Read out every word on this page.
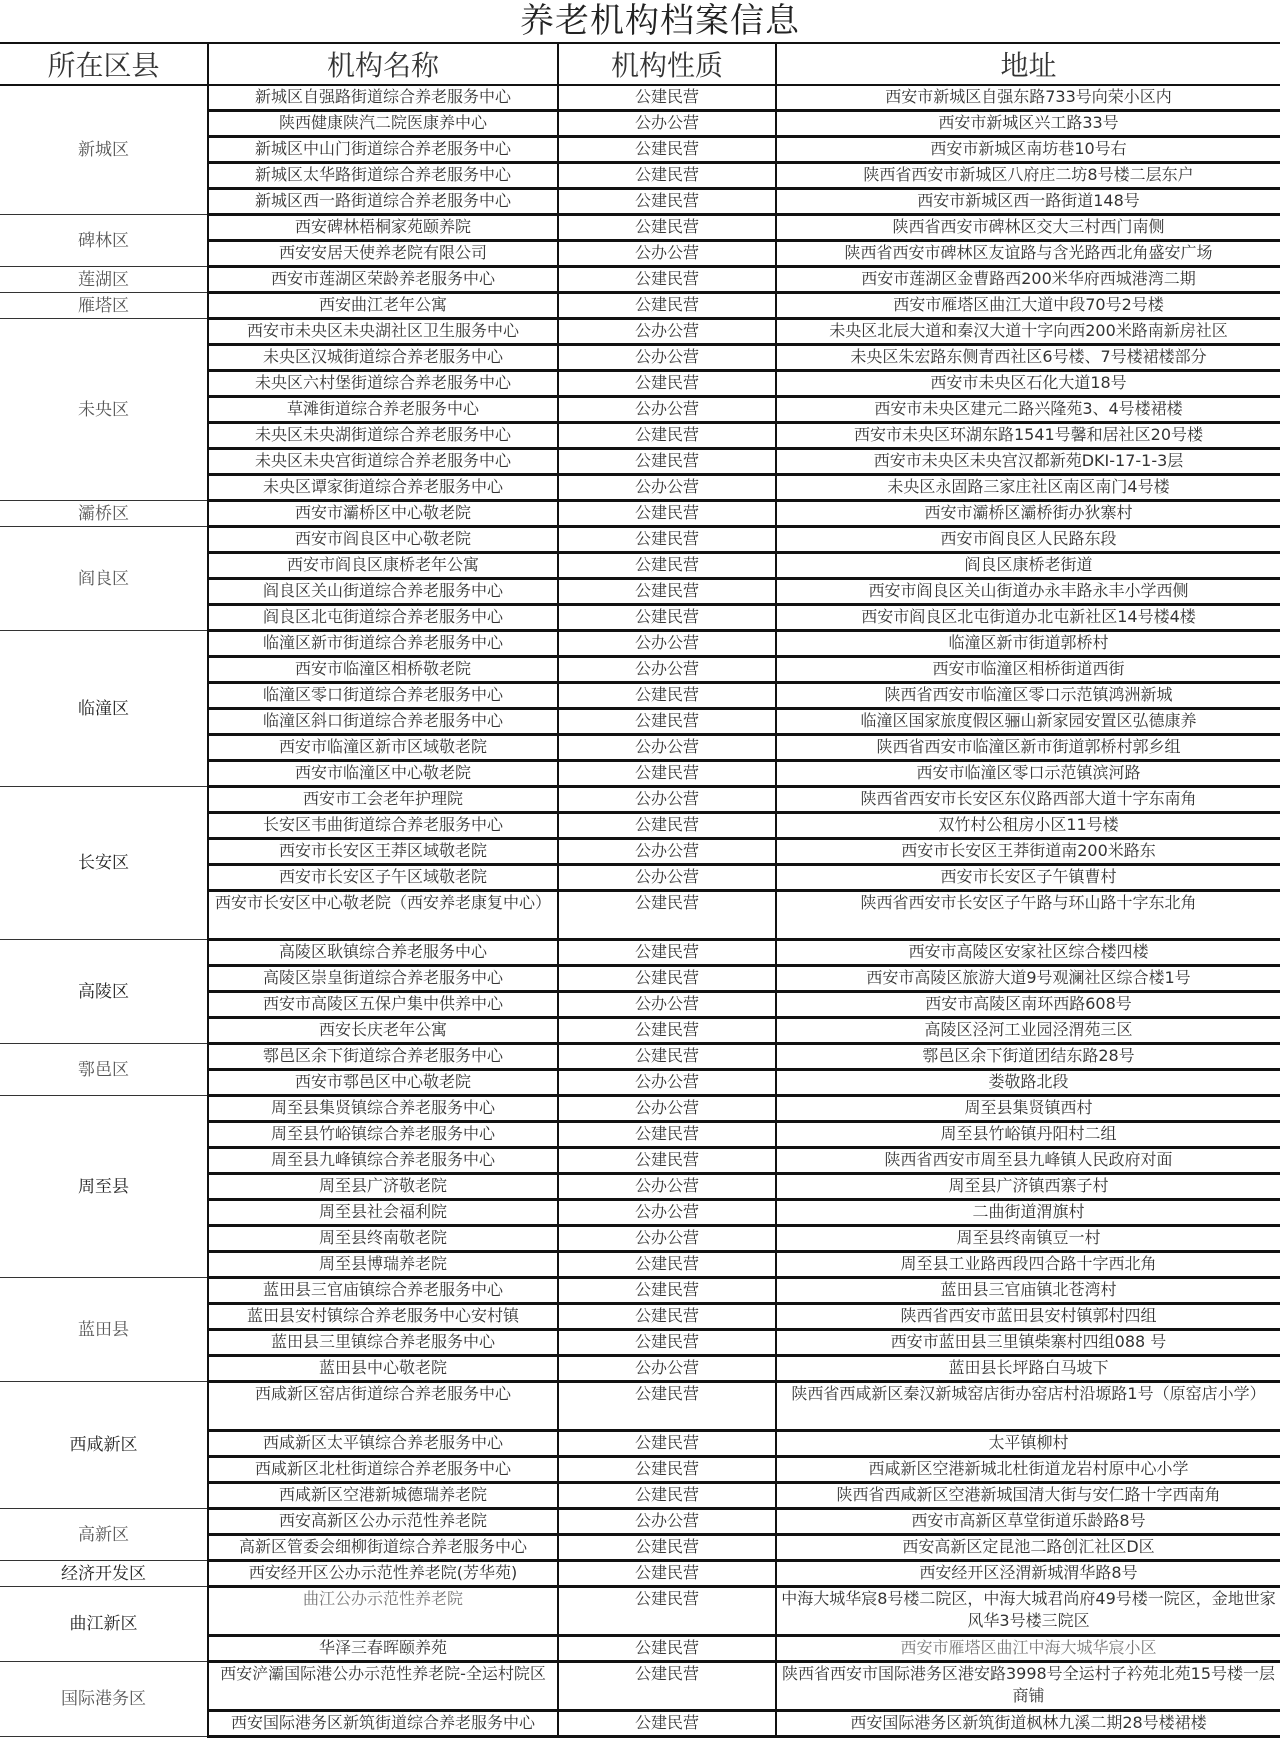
养老机构档案信息
所在区县	机构名称	机构性质	地址
新城区	新城区自强路街道综合养老服务中心	公建民营	西安市新城区自强东路733号向荣小区内
	陕西健康陕汽二院医康养中心	公办公营	西安市新城区兴工路33号
	新城区中山门街道综合养老服务中心	公建民营	西安市新城区南坊巷10号右
	新城区太华路街道综合养老服务中心	公建民营	陕西省西安市新城区八府庄二坊8号楼二层东户
	新城区西一路街道综合养老服务中心	公建民营	西安市新城区西一路街道148号
碑林区	西安碑林梧桐家苑颐养院	公建民营	陕西省西安市碑林区交大三村西门南侧
	西安安居天使养老院有限公司	公办公营	陕西省西安市碑林区友谊路与含光路西北角盛安广场
莲湖区	西安市莲湖区荣龄养老服务中心	公建民营	西安市莲湖区金曹路西200米华府西城港湾二期
雁塔区	西安曲江老年公寓	公建民营	西安市雁塔区曲江大道中段70号2号楼
未央区	西安市未央区未央湖社区卫生服务中心	公办公营	未央区北辰大道和秦汉大道十字向西200米路南新房社区
	未央区汉城街道综合养老服务中心	公办公营	未央区朱宏路东侧青西社区6号楼、7号楼裙楼部分
	未央区六村堡街道综合养老服务中心	公建民营	西安市未央区石化大道18号
	草滩街道综合养老服务中心	公办公营	西安市未央区建元二路兴隆苑3、4号楼裙楼
	未央区未央湖街道综合养老服务中心	公建民营	西安市未央区环湖东路1541号馨和居社区20号楼
	未央区未央宫街道综合养老服务中心	公建民营	西安市未央区未央宫汉都新苑DKI-17-1-3层
	未央区谭家街道综合养老服务中心	公办公营	未央区永固路三家庄社区南区南门4号楼
灞桥区	西安市灞桥区中心敬老院	公建民营	西安市灞桥区灞桥街办狄寨村
阎良区	西安市阎良区中心敬老院	公建民营	西安市阎良区人民路东段
	西安市阎良区康桥老年公寓	公建民营	阎良区康桥老街道
	阎良区关山街道综合养老服务中心	公建民营	西安市阎良区关山街道办永丰路永丰小学西侧
	阎良区北屯街道综合养老服务中心	公建民营	西安市阎良区北屯街道办北屯新社区14号楼4楼
临潼区	临潼区新市街道综合养老服务中心	公办公营	临潼区新市街道郭桥村
	西安市临潼区相桥敬老院	公办公营	西安市临潼区相桥街道西街
	临潼区零口街道综合养老服务中心	公建民营	陕西省西安市临潼区零口示范镇鸿洲新城
	临潼区斜口街道综合养老服务中心	公建民营	临潼区国家旅度假区骊山新家园安置区弘德康养
	西安市临潼区新市区域敬老院	公办公营	陕西省西安市临潼区新市街道郭桥村郭乡组
	西安市临潼区中心敬老院	公建民营	西安市临潼区零口示范镇滨河路
长安区	西安市工会老年护理院	公办公营	陕西省西安市长安区东仪路西部大道十字东南角
	长安区韦曲街道综合养老服务中心	公建民营	双竹村公租房小区11号楼
	西安市长安区王莽区域敬老院	公办公营	西安市长安区王莽街道南200米路东
	西安市长安区子午区域敬老院	公办公营	西安市长安区子午镇曹村
	西安市长安区中心敬老院（西安养老康复中心）	公建民营	陕西省西安市长安区子午路与环山路十字东北角
高陵区	高陵区耿镇综合养老服务中心	公建民营	西安市高陵区安家社区综合楼四楼
	高陵区崇皇街道综合养老服务中心	公建民营	西安市高陵区旅游大道9号观澜社区综合楼1号
	西安市高陵区五保户集中供养中心	公办公营	西安市高陵区南环西路608号
	西安长庆老年公寓	公建民营	高陵区泾河工业园泾渭苑三区
鄠邑区	鄠邑区余下街道综合养老服务中心	公建民营	鄠邑区余下街道团结东路28号
	西安市鄠邑区中心敬老院	公办公营	娄敬路北段
周至县	周至县集贤镇综合养老服务中心	公办公营	周至县集贤镇西村
	周至县竹峪镇综合养老服务中心	公建民营	周至县竹峪镇丹阳村二组
	周至县九峰镇综合养老服务中心	公建民营	陕西省西安市周至县九峰镇人民政府对面
	周至县广济敬老院	公办公营	周至县广济镇西寨子村
	周至县社会福利院	公办公营	二曲街道渭旗村
	周至县终南敬老院	公办公营	周至县终南镇豆一村
	周至县博瑞养老院	公建民营	周至县工业路西段四合路十字西北角
蓝田县	蓝田县三官庙镇综合养老服务中心	公建民营	蓝田县三官庙镇北苍湾村
	蓝田县安村镇综合养老服务中心安村镇	公建民营	陕西省西安市蓝田县安村镇郭村四组
	蓝田县三里镇综合养老服务中心	公建民营	西安市蓝田县三里镇柴寨村四组088 号
	蓝田县中心敬老院	公办公营	蓝田县长坪路白马坡下
西咸新区	西咸新区窑店街道综合养老服务中心	公建民营	陕西省西咸新区秦汉新城窑店街办窑店村沿塬路1号（原窑店小学）
	西咸新区太平镇综合养老服务中心	公建民营	太平镇柳村
	西咸新区北杜街道综合养老服务中心	公建民营	西咸新区空港新城北杜街道龙岩村原中心小学
	西咸新区空港新城德瑞养老院	公建民营	陕西省西咸新区空港新城国清大街与安仁路十字西南角
高新区	西安高新区公办示范性养老院	公办公营	西安市高新区草堂街道乐龄路8号
	高新区管委会细柳街道综合养老服务中心	公建民营	西安高新区定昆池二路创汇社区D区
经济开发区	西安经开区公办示范性养老院(芳华苑)	公建民营	西安经开区泾渭新城渭华路8号
曲江新区	曲江公办示范性养老院	公建民营	中海大城华宸8号楼二院区，中海大城君尚府49号楼一院区，金地世家风华3号楼三院区
	华泽三春晖颐养苑	公建民营	西安市雁塔区曲江中海大城华宸小区
国际港务区	西安浐灞国际港公办示范性养老院-全运村院区	公建民营	陕西省西安市国际港务区港安路3998号全运村子衿苑北苑15号楼一层商铺
	西安国际港务区新筑街道综合养老服务中心	公建民营	西安国际港务区新筑街道枫林九溪二期28号楼裙楼
